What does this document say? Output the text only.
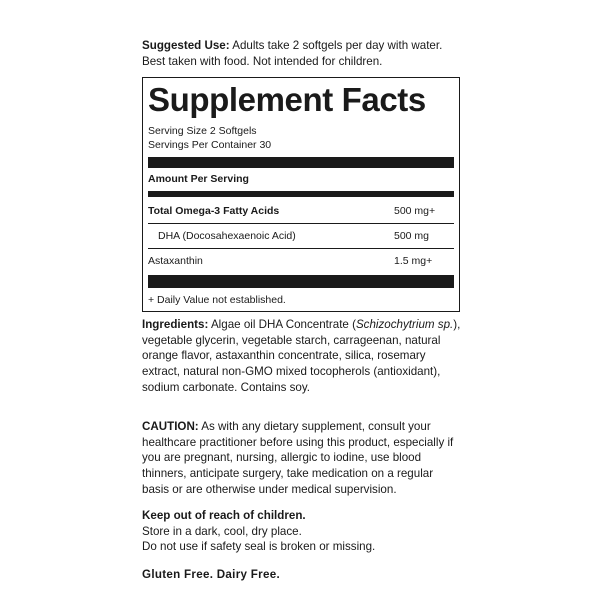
Suggested Use: Adults take 2 softgels per day with water.
Best taken with food. Not intended for children.

Supplement Facts
Serving Size 2 Softgels
Servings Per Container 30
Amount Per Serving
Total Omega-3 Fatty Acids	500 mg+
DHA (Docosahexaenoic Acid)	500 mg
Astaxanthin	1.5 mg+
+ Daily Value not established.

Ingredients: Algae oil DHA Concentrate (Schizochytrium sp.), vegetable glycerin, vegetable starch, carrageenan, natural orange flavor, astaxanthin concentrate, silica, rosemary extract, natural non-GMO mixed tocopherols (antioxidant), sodium carbonate. Contains soy.

CAUTION: As with any dietary supplement, consult your healthcare practitioner before using this product, especially if you are pregnant, nursing, allergic to iodine, use blood thinners, anticipate surgery, take medication on a regular basis or are otherwise under medical supervision.

Keep out of reach of children.
Store in a dark, cool, dry place.
Do not use if safety seal is broken or missing.

Gluten Free. Dairy Free.
